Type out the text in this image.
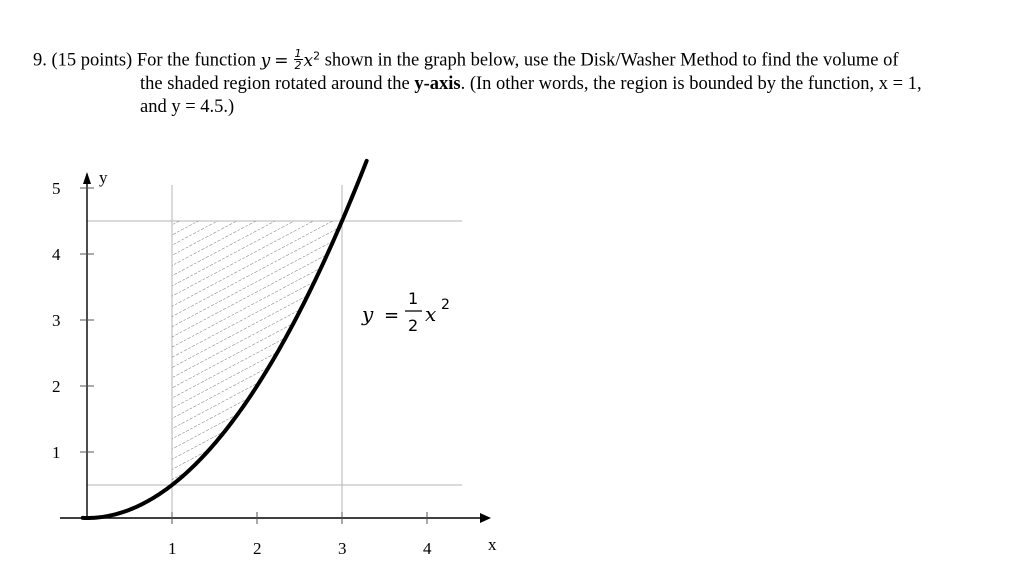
9. (15 points) For the function $y = \frac{1}{2} x^2$ shown in the graph below, use the Disk/Washer Method to find the volume of
the shaded region rotated around the y-axis. (In other words, the region is bounded by the function, x = 1,
and y = 4.5.)
1	2	3	4
1
2
3
4
5
x
y
y =
1
2 x 2
